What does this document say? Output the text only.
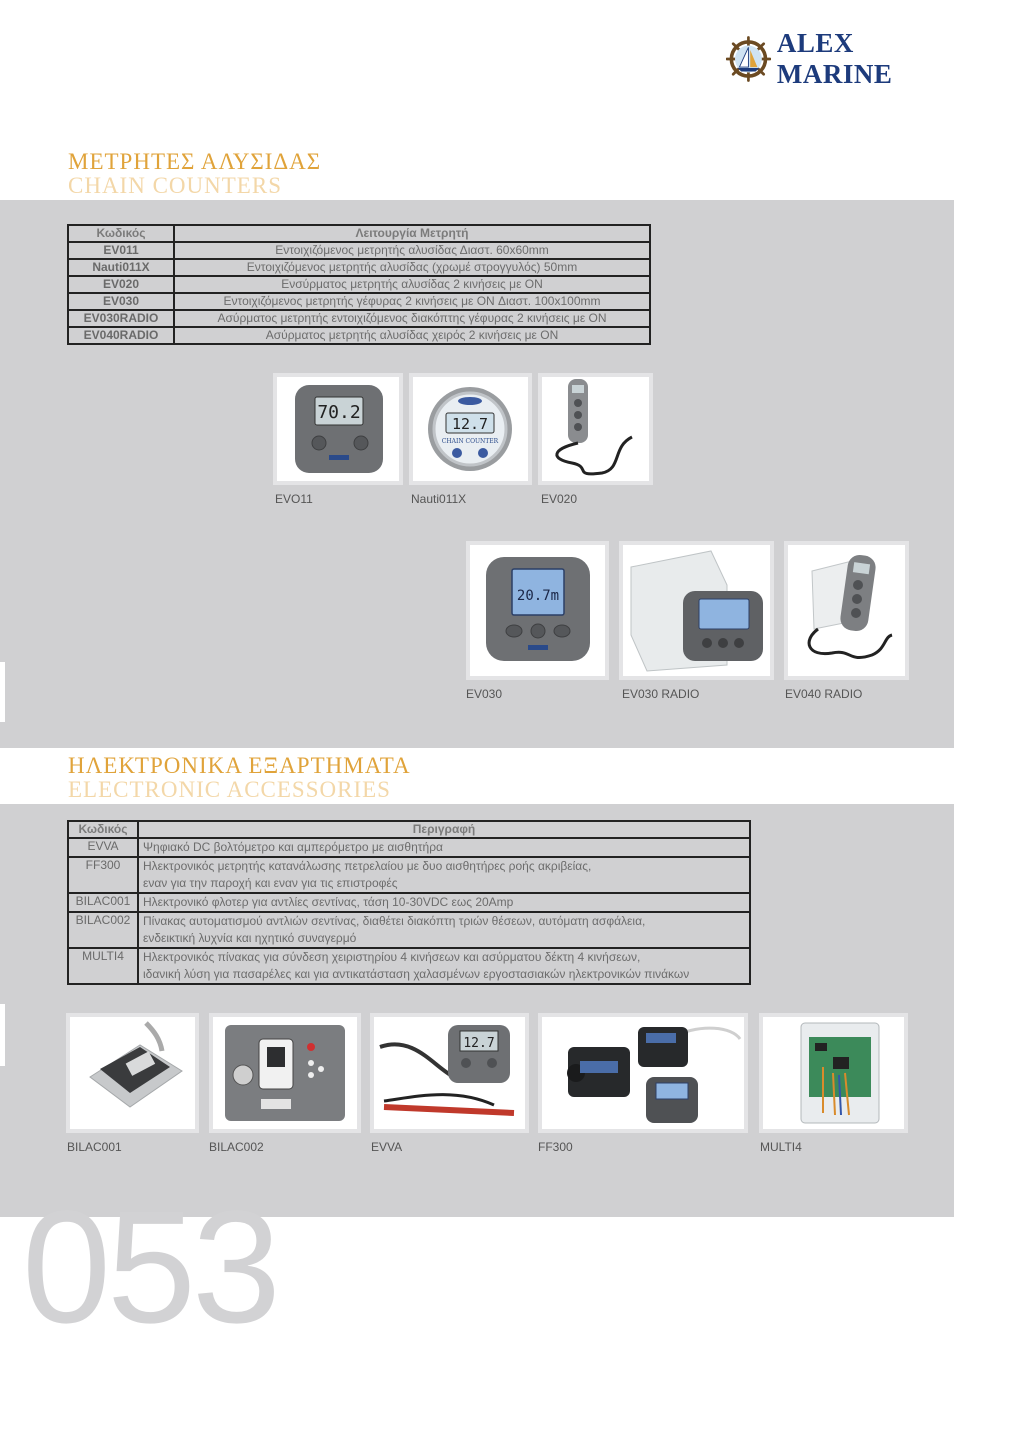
ALEX MARINE
ΜΕΤΡΗΤΕΣ ΑΛΥΣΙΔΑΣ
CHAIN COUNTERS
Κωδικός	Λειτουργία Μετρητή
EV011	Εντοιχιζόμενος μετρητής αλυσίδας Διαστ. 60x60mm
Nauti011X	Εντοιχιζόμενος μετρητής αλυσίδας (χρωμέ στρογγυλός) 50mm
EV020	Ενσύρματος μετρητής αλυσίδας 2 κινήσεις με ON
EV030	Εντοιχιζόμενος μετρητής γέφυρας 2 κινήσεις με ON Διαστ. 100x100mm
EV030RADIO	Ασύρματος μετρητής εντοιχιζόμενος διακόπτης γέφυρας 2 κινήσεις με ON
EV040RADIO	Ασύρματος μετρητής αλυσίδας χειρός 2 κινήσεις με ON
70.2
12.7
CHAIN COUNTER
EVO11	Nauti011X	EV020
20.7m
EV030	EV030 RADIO	EV040 RADIO
ΗΛΕΚΤΡΟΝΙΚΑ ΕΞΑΡΤΗΜΑΤΑ
ELECTRONIC ACCESSORIES
Κωδικός	Περιγραφή
EVVA	Ψηφιακό DC βολτόμετρο και αμπερόμετρο με αισθητήρα
FF300	Ηλεκτρονικός μετρητής κατανάλωσης πετρελαίου με δυο αισθητήρες ροής ακριβείας,
εναν για την παροχή και εναν για τις επιστροφές
BILAC001	Ηλεκτρονικό φλοτερ για αντλίες σεντίνας, τάση 10-30VDC εως 20Amp
BILAC002	Πίνακας αυτοματισμού αντλιών σεντίνας, διαθέτει διακόπτη τριών θέσεων, αυτόματη ασφάλεια,
ενδεικτική λυχνία και ηχητικό συναγερμό
MULTI4	Ηλεκτρονικός πίνακας για σύνδεση χειριστηρίου 4 κινήσεων και ασύρματου δέκτη 4 κινήσεων,
ιδανική λύση για πασαρέλες και για αντικατάσταση χαλασμένων εργοστασιακών ηλεκτρονικών πινάκων
12.7
BILAC001	BILAC002	EVVA	FF300	MULTI4
053
